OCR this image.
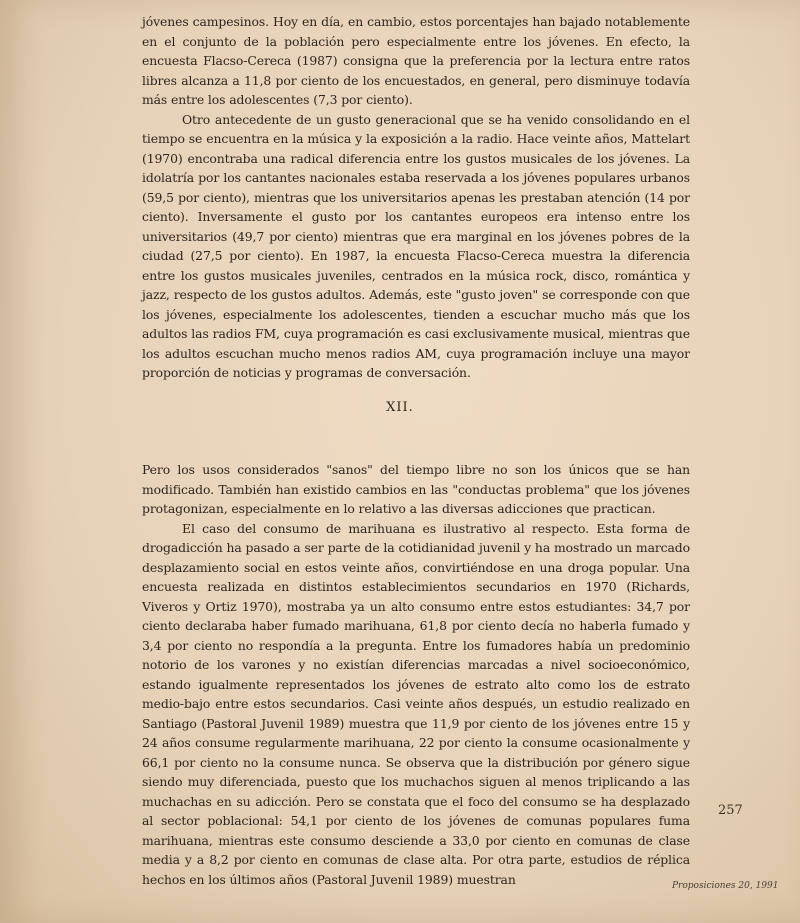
jóvenes campesinos. Hoy en día, en cambio, estos porcentajes han bajado notablemente en el conjunto de la población pero especialmente entre los jóvenes. En efecto, la encuesta Flacso-Cereca (1987) consigna que la preferencia por la lectura entre ratos libres alcanza a 11,8 por ciento de los encuestados, en general, pero disminuye todavía más entre los adolescentes (7,3 por ciento).

Otro antecedente de un gusto generacional que se ha venido consolidando en el tiempo se encuentra en la música y la exposición a la radio. Hace veinte años, Mattelart (1970) encontraba una radical diferencia entre los gustos musicales de los jóvenes. La idolatría por los cantantes nacionales estaba reservada a los jóvenes populares urbanos (59,5 por ciento), mientras que los universitarios apenas les prestaban atención (14 por ciento). Inversamente el gusto por los cantantes europeos era intenso entre los universitarios (49,7 por ciento) mientras que era marginal en los jóvenes pobres de la ciudad (27,5 por ciento). En 1987, la encuesta Flacso-Cereca muestra la diferencia entre los gustos musicales juveniles, centrados en la música rock, disco, romántica y jazz, respecto de los gustos adultos. Además, este "gusto joven" se corresponde con que los jóvenes, especialmente los adolescentes, tienden a escuchar mucho más que los adultos las radios FM, cuya programación es casi exclusivamente musical, mientras que los adultos escuchan mucho menos radios AM, cuya programación incluye una mayor proporción de noticias y programas de conversación.

XII.

Pero los usos considerados "sanos" del tiempo libre no son los únicos que se han modificado. También han existido cambios en las "conductas problema" que los jóvenes protagonizan, especialmente en lo relativo a las diversas adicciones que practican.

El caso del consumo de marihuana es ilustrativo al respecto. Esta forma de drogadicción ha pasado a ser parte de la cotidianidad juvenil y ha mostrado un marcado desplazamiento social en estos veinte años, convirtiéndose en una droga popular. Una encuesta realizada en distintos establecimientos secundarios en 1970 (Richards, Viveros y Ortiz 1970), mostraba ya un alto consumo entre estos estudiantes: 34,7 por ciento declaraba haber fumado marihuana, 61,8 por ciento decía no haberla fumado y 3,4 por ciento no respondía a la pregunta. Entre los fumadores había un predominio notorio de los varones y no existían diferencias marcadas a nivel socioeconómico, estando igualmente representados los jóvenes de estrato alto como los de estrato medio-bajo entre estos secundarios. Casi veinte años después, un estudio realizado en Santiago (Pastoral Juvenil 1989) muestra que 11,9 por ciento de los jóvenes entre 15 y 24 años consume regularmente marihuana, 22 por ciento la consume ocasionalmente y 66,1 por ciento no la consume nunca. Se observa que la distribución por género sigue siendo muy diferenciada, puesto que los muchachos siguen al menos triplicando a las muchachas en su adicción. Pero se constata que el foco del consumo se ha desplazado al sector poblacional: 54,1 por ciento de los jóvenes de comunas populares fuma marihuana, mientras este consumo desciende a 33,0 por ciento en comunas de clase media y a 8,2 por ciento en comunas de clase alta. Por otra parte, estudios de réplica hechos en los últimos años (Pastoral Juvenil 1989) muestran

257
Proposiciones 20, 1991
